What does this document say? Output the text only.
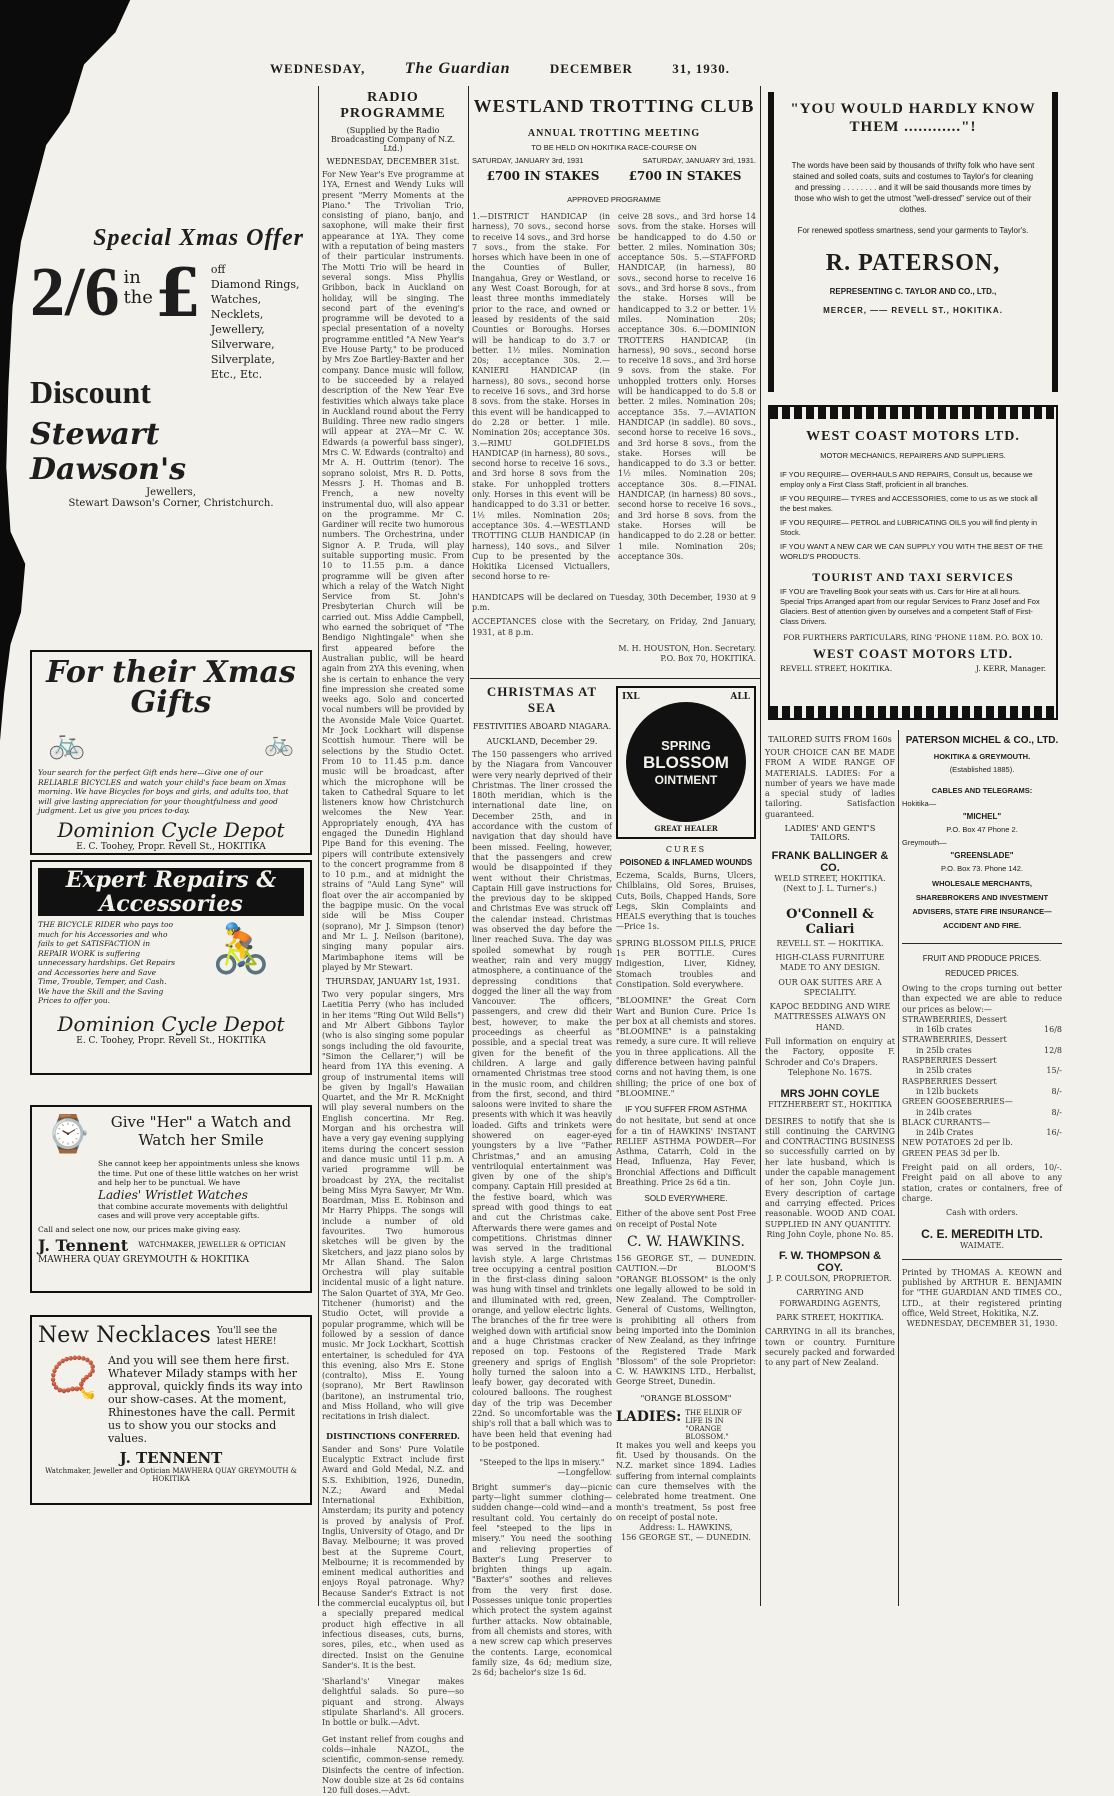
WEDNESDAY, The Guardian	DECEMBER	31, 1930.
Special Xmas Offer
2/6 in
the £ off
Diamond Rings, Watches, Necklets, Jewellery, Silverware, Silverplate, Etc., Etc.
Discount
Stewart Dawson's
Jewellers,
Stewart Dawson's Corner, Christchurch.
For their Xmas Gifts
🚲	🚲
Your search for the perfect Gift ends here—Give one of our RELIABLE BICYCLES and watch your child's face beam on Xmas morning. We have Bicycles for boys and girls, and adults too, that will give lasting appreciation for your thoughtfulness and good judgment. Let us give you prices to-day.
Dominion Cycle Depot
E. C. Toohey, Propr. Revell St., HOKITIKA
Expert Repairs & Accessories
THE BICYCLE RIDER who pays too much for his Accessories and who fails to get SATISFACTION in REPAIR WORK is suffering unnecessary hardships. Get Repairs and Accessories here and Save Time, Trouble, Temper, and Cash. We have the Skill and the Saving Prices to offer you.
🚴
Dominion Cycle Depot
E. C. Toohey, Propr. Revell St., HOKITIKA
⌚	Give "Her" a Watch and Watch her Smile
She cannot keep her appointments unless she knows the time. Put one of these little watches on her wrist and help her to be punctual. We have
Ladies' Wristlet Watches
that combine accurate movements with delightful cases and will prove very acceptable gifts.
Call and select one now, our prices make giving easy.
J. Tennent WATCHMAKER, JEWELLER & OPTICIAN
MAWHERA QUAY GREYMOUTH & HOKITIKA
New Necklaces You'll see the latest HERE!
📿 And you will see them here first. Whatever Milady stamps with her approval, quickly finds its way into our show-cases. At the moment, Rhinestones have the call. Permit us to show you our stocks and values.
J. TENNENT
Watchmaker, Jeweller and Optician MAWHERA QUAY GREYMOUTH & HOKITIKA
RADIO PROGRAMME
(Supplied by the Radio Broadcasting Company of N.Z. Ltd.)
WEDNESDAY, DECEMBER 31st.
For New Year's Eve programme at 1YA, Ernest and Wendy Luks will present "Merry Moments at the Piano." The Trivolian Trio, consisting of piano, banjo, and saxophone, will make their first appearance at 1YA. They come with a reputation of being masters of their particular instruments. The Motti Trio will be heard in several songs. Miss Phyllis Gribbon, back in Auckland on holiday, will be singing. The second part of the evening's programme will be devoted to a special presentation of a novelty programme entitled "A New Year's Eve House Party," to be produced by Mrs Zoe Bartley-Baxter and her company. Dance music will follow, to be succeeded by a relayed description of the New Year Eve festivities which always take place in Auckland round about the Ferry Building. Three new radio singers will appear at 2YA—Mr C. W. Edwards (a powerful bass singer), Mrs C. W. Edwards (contralto) and Mr A. H. Outtrim (tenor). The soprano soloist, Mrs R. D. Potts, Messrs J. H. Thomas and B. French, a new novelty instrumental duo, will also appear on the programme. Mr C. Gardiner will recite two humorous numbers. The Orchestrina, under Signor A. P. Truda, will play suitable supporting music. From 10 to 11.55 p.m. a dance programme will be given after which a relay of the Watch Night Service from St. John's Presbyterian Church will be carried out. Miss Addie Campbell, who earned the sobriquet of "The Bendigo Nightingale" when she first appeared before the Australian public, will be heard again from 2YA this evening, when she is certain to enhance the very fine impression she created some weeks ago. Solo and concerted vocal numbers will be provided by the Avonside Male Voice Quartet. Mr Jock Lockhart will dispense Scottish humour. There will be selections by the Studio Octet. From 10 to 11.45 p.m. dance music will be broadcast, after which the microphone will be taken to Cathedral Square to let listeners know how Christchurch welcomes the New Year. Appropriately enough, 4YA has engaged the Dunedin Highland Pipe Band for this evening. The pipers will contribute extensively to the concert programme from 8 to 10 p.m., and at midnight the strains of "Auld Lang Syne" will float over the air accompanied by the bagpipe music. On the vocal side will be Miss Couper (soprano), Mr J. Simpson (tenor) and Mr L. J. Neilson (baritone), singing many popular airs. Marimbaphone items will be played by Mr Stewart.
THURSDAY, JANUARY 1st, 1931.
Two very popular singers, Mrs Laetitia Perry (who has included in her items "Ring Out Wild Bells") and Mr Albert Gibbons Taylor (who is also singing some popular songs including the old favourite, "Simon the Cellarer,") will be heard from 1YA this evening. A group of instrumental items will be given by Ingall's Hawaiian Quartet, and the Mr R. McKnight will play several numbers on the English concertina. Mr Reg. Morgan and his orchestra will have a very gay evening supplying items during the concert session and dance music until 11 p.m. A varied programme will be broadcast by 2YA, the recitalist being Miss Myra Sawyer, Mr Wm. Boardman, Miss E. Robinson and Mr Harry Phipps. The songs will include a number of old favourites. Two humorous sketches will be given by the Sketchers, and jazz piano solos by Mr Allan Shand. The Salon Orchestra will play suitable incidental music of a light nature. The Salon Quartet of 3YA, Mr Geo. Titchener (humorist) and the Studio Octet, will provide a popular programme, which will be followed by a session of dance music. Mr Jock Lockhart, Scottish entertainer, is scheduled for 4YA this evening, also Mrs E. Stone (contralto), Miss E. Young (soprano), Mr Bert Rawlinson (baritone), an instrumental trio, and Miss Holland, who will give recitations in Irish dialect.
DISTINCTIONS CONFERRED.
Sander and Sons' Pure Volatile Eucalyptic Extract include first Award and Gold Medal, N.Z. and S.S. Exhibition, 1926, Dunedin, N.Z.; Award and Medal International Exhibition, Amsterdam; its purity and potency is proved by analysis of Prof. Inglis, University of Otago, and Dr Bavay. Melbourne; it was proved best at the Supreme Court, Melbourne; it is recommended by eminent medical authorities and enjoys Royal patronage. Why? Because Sander's Extract is not the commercial eucalyptus oil, but a specially prepared medical product high effective in all infectious diseases, cuts, burns, sores, piles, etc., when used as directed. Insist on the Genuine Sander's. It is the best.
'Sharland's' Vinegar makes delightful salads. So pure—so piquant and strong. Always stipulate Sharland's. All grocers. In bottle or bulk.—Advt.
Get instant relief from coughs and colds—inhale NAZOL, the scientific, common-sense remedy. Disinfects the centre of infection. Now double size at 2s 6d contains 120 full doses.—Advt.
WESTLAND TROTTING CLUB
ANNUAL TROTTING MEETING
TO BE HELD ON HOKITIKA RACE-COURSE ON
SATURDAY, JANUARY 3rd, 1931	SATURDAY, JANUARY 3rd, 1931.
£700 IN STAKES £700 IN STAKES
APPROVED PROGRAMME
1.—DISTRICT HANDICAP (in harness), 70 sovs., second horse to receive 14 sovs., and 3rd horse 7 sovs., from the stake. For horses which have been in one of the Counties of Buller, Inangahua, Grey or Westland, or any West Coast Borough, for at least three months immediately prior to the race, and owned or leased by residents of the said Counties or Boroughs. Horses will be handicap to do 3.7 or better. 1½ miles. Nomination 20s; acceptance 30s. 2.—KANIERI HANDICAP (in harness), 80 sovs., second horse to receive 16 sovs., and 3rd horse 8 sovs. from the stake. Horses in this event will be handicapped to do 2.28 or better. 1 mile. Nomination 20s; acceptance 30s. 3.—RIMU GOLDFIELDS HANDICAP (in harness), 80 sovs., second horse to receive 16 sovs., and 3rd horse 8 sovs from the stake. For unhoppled trotters only. Horses in this event will be handicapped to do 3.31 or better. 1½ miles. Nomination 20s; acceptance 30s. 4.—WESTLAND TROTTING CLUB HANDICAP (in harness), 140 sovs., and Silver Cup to be presented by the Hokitika Licensed Victuallers, second horse to re-
ceive 28 sovs., and 3rd horse 14 sovs. from the stake. Horses will be handicapped to do 4.50 or better. 2 miles. Nomination 30s; acceptance 50s. 5.—STAFFORD HANDICAP, (in harness), 80 sovs., second horse to receive 16 sovs., and 3rd horse 8 sovs., from the stake. Horses will be handicapped to 3.2 or better. 1½ miles. Nomination 20s; acceptance 30s. 6.—DOMINION TROTTERS HANDICAP, (in harness), 90 sovs., second horse to receive 18 sovs., and 3rd horse 9 sovs. from the stake. For unhoppled trotters only. Horses will be handicapped to do 5.8 or better. 2 miles. Nomination 20s; acceptance 35s. 7.—AVIATION HANDICAP (in saddle). 80 sovs., second horse to receive 16 sovs., and 3rd horse 8 sovs., from the stake. Horses will be handicapped to do 3.3 or better. 1½ miles. Nomination 20s; acceptance 30s. 8.—FINAL HANDICAP, (in harness) 80 sovs., second horse to receive 16 sovs., and 3rd horse 8 sovs. from the stake. Horses will be handicapped to do 2.28 or better. 1 mile. Nomination 20s; acceptance 30s.
HANDICAPS will be declared on Tuesday, 30th December, 1930 at 9 p.m.
ACCEPTANCES close with the Secretary, on Friday, 2nd January, 1931, at 8 p.m.
M. H. HOUSTON, Hon. Secretary.
P.O. Box 70, HOKITIKA.
CHRISTMAS AT SEA
FESTIVITIES ABOARD NIAGARA.
AUCKLAND, December 29.
The 150 passengers who arrived by the Niagara from Vancouver were very nearly deprived of their Christmas. The liner crossed the 180th meridian, which is the international date line, on December 25th, and in accordance with the custom of navigation that day should have been missed. Feeling, however, that the passengers and crew would be disappointed if they went without their Christmas, Captain Hill gave instructions for the previous day to be skipped and Christmas Eve was struck off the calendar instead. Christmas was observed the day before the liner reached Suva. The day was spoiled somewhat by rough weather, rain and very muggy atmosphere, a continuance of the depressing conditions that dogged the liner all the way from Vancouver. The officers, passengers, and crew did their best, however, to make the proceedings as cheerful as possible, and a special treat was given for the benefit of the children. A large and gaily ornamented Christmas tree stood in the music room, and children from the first, second, and third saloons were invited to share the presents with which it was heavily loaded. Gifts and trinkets were showered on eager-eyed youngsters by a live "Father Christmas," and an amusing ventriloquial entertainment was given by one of the ship's company. Captain Hill presided at the festive board, which was spread with good things to eat and cut the Christmas cake. Afterwards there were games and competitions. Christmas dinner was served in the traditional lavish style. A large Christmas tree occupying a central position in the first-class dining saloon was hung with tinsel and trinklets and illuminated with red, green, orange, and yellow electric lights. The branches of the fir tree were weighed down with artificial snow and a huge Christmas cracker reposed on top. Festoons of greenery and sprigs of English holly turned the saloon into a leafy bower, gay decorated with coloured balloons. The roughest day of the trip was December 22nd. So uncomfortable was the ship's roll that a ball which was to have been held that evening had to be postponed.
"Steeped to the lips in misery."
—Longfellow.
Bright summer's day—picnic party—light summer clothing—sudden change—cold wind—and a resultant cold. You certainly do feel "steeped to the lips in misery." You need the soothing and relieving properties of Baxter's Lung Preserver to brighten things up again. "Baxter's" soothes and relieves from the very first dose. Possesses unique tonic properties which protect the system against further attacks. Now obtainable, from all chemists and stores, with a new screw cap which preserves the contents. Large, economical family size, 4s 6d; medium size, 2s 6d; bachelor's size 1s 6d.
IXL	ALL
SPRING
BLOSSOM
OINTMENT
GREAT HEALER
CURES
POISONED & INFLAMED WOUNDS
Eczema, Scalds, Burns, Ulcers, Chilblains, Old Sores, Bruises, Cuts, Boils, Chapped Hands, Sore Legs, Skin Complaints and HEALS everything that is touches—Price 1s.
SPRING BLOSSOM PILLS, PRICE 1s PER BOTTLE. Cures Indigestion, Liver, Kidney, Stomach troubles and Constipation. Sold everywhere.
"BLOOMINE" the Great Corn Wart and Bunion Cure. Price 1s per box at all chemists and stores. "BLOOMINE" is a painstaking remedy, a sure cure. It will relieve you in three applications. All the difference between having painful corns and not having them, is one shilling; the price of one box of "BLOOMINE."
IF YOU SUFFER FROM ASTHMA
do not hesitate, but send at once for a tin of HAWKINS' INSTANT RELIEF ASTHMA POWDER—For Asthma, Catarrh, Cold in the Head, Influenza, Hay Fever, Bronchial Affections and Difficult Breathing. Price 2s 6d a tin.
SOLD EVERYWHERE.
Either of the above sent Post Free on receipt of Postal Note
C. W. HAWKINS.
156 GEORGE ST., — DUNEDIN. CAUTION.—Dr BLOOM'S "ORANGE BLOSSOM" is the only one legally allowed to be sold in New Zealand. The Comptroller-General of Customs, Wellington, is prohibiting all others from being imported into the Dominion of New Zealand, as they infringe the Registered Trade Mark "Blossom" of the sole Proprietor: C. W. HAWKINS LTD., Herbalist, George Street, Dunedin.
"ORANGE BLOSSOM"
LADIES: THE ELIXIR OF LIFE IS IN "ORANGE BLOSSOM."
It makes you well and keeps you fit. Used by thousands. On the N.Z. market since 1894. Ladies suffering from internal complaints can cure themselves with the celebrated home treatment. One month's treatment, 5s post free on receipt of postal note.
Address: L. HAWKINS,
156 GEORGE ST., — DUNEDIN.
"YOU WOULD HARDLY KNOW THEM ............"!
The words have been said by thousands of thrifty folk who have sent stained and soiled coats, suits and costumes to Taylor's for cleaning and pressing . . . . . . . . and it will be said thousands more times by those who wish to get the utmost "well-dressed" service out of their clothes.
For renewed spotless smartness, send your garments to Taylor's.
R. PATERSON,
REPRESENTING C. TAYLOR AND CO., LTD.,
MERCER, —— REVELL ST., HOKITIKA.
WEST COAST MOTORS LTD.
MOTOR MECHANICS, REPAIRERS AND SUPPLIERS.
IF YOU REQUIRE— OVERHAULS AND REPAIRS, Consult us, because we employ only a First Class Staff, proficient in all branches.
IF YOU REQUIRE— TYRES and ACCESSORIES, come to us as we stock all the best makes.
IF YOU REQUIRE— PETROL and LUBRICATING OILS you will find plenty in Stock.
IF YOU WANT A NEW CAR WE CAN SUPPLY YOU WITH THE BEST OF THE WORLD'S PRODUCTS.
TOURIST AND TAXI SERVICES
IF YOU are Travelling Book your seats with us. Cars for Hire at all hours. Special Trips Arranged apart from our regular Services to Franz Josef and Fox Glaciers. Best of attention given by ourselves and a competent Staff of First-Class Drivers.
FOR FURTHERS PARTICULARS, RING 'PHONE 118M. P.O. BOX 10.
WEST COAST MOTORS LTD.
REVELL STREET, HOKITIKA.	J. KERR, Manager.
TAILORED SUITS FROM 160s
YOUR CHOICE CAN BE MADE FROM A WIDE RANGE OF MATERIALS. LADIES: For a number of years we have made a special study of ladies tailoring. Satisfaction guaranteed.
LADIES' AND GENT'S TAILORS.
FRANK BALLINGER & CO.
WELD STREET, HOKITIKA. (Next to J. L. Turner's.)
O'Connell & Caliari
REVELL ST. — HOKITIKA.
HIGH-CLASS FURNITURE MADE TO ANY DESIGN.
OUR OAK SUITES ARE A SPECIALITY.
KAPOC BEDDING AND WIRE MATTRESSES ALWAYS ON HAND.
Full information on enquiry at the Factory, opposite F. Schroder and Co's Drapers.
Telephone No. 167S.
MRS JOHN COYLE
FITZHERBERT ST., HOKITIKA
DESIRES to notify that she is still continuing the CARVING and CONTRACTING BUSINESS so successfully carried on by her late husband, which is under the capable management of her son, John Coyle jun. Every description of cartage and carrying effected. Prices reasonable. WOOD AND COAL SUPPLIED IN ANY QUANTITY.
Ring John Coyle, phone No. 85.
F. W. THOMPSON & COY.
J. P. COULSON, PROPRIETOR.
CARRYING AND FORWARDING AGENTS,
PARK STREET, HOKITIKA.
CARRYING in all its branches, town or country. Furniture securely packed and forwarded to any part of New Zealand.
PATERSON MICHEL & CO., LTD.
HOKITIKA & GREYMOUTH.
(Established 1885).
CABLES AND TELEGRAMS:
Hokitika—
"MICHEL"
P.O. Box 47 Phone 2.
Greymouth—
"GREENSLADE"
P.O. Box 73. Phone 142.
WHOLESALE MERCHANTS, SHAREBROKERS AND INVESTMENT ADVISERS, STATE FIRE INSURANCE—ACCIDENT AND FIRE.
FRUIT AND PRODUCE PRICES.
REDUCED PRICES.
Owing to the crops turning out better than expected we are able to reduce our prices as below:—
STRAWBERRIES, Dessert
in 16lb crates	16/8
STRAWBERRIES, Dessert
in 25lb crates	12/8
RASPBERRIES Dessert
in 25lb crates	15/-
RASPBERRIES Dessert
in 12lb buckets	8/-
GREEN GOOSEBERRIES—
in 24lb crates	8/-
BLACK CURRANTS—
in 24lb Crates	16/-
NEW POTATOES 2d per lb.
GREEN PEAS 3d per lb.
Freight paid on all orders, 10/-. Freight paid on all above to any station, crates or containers, free of charge.
Cash with orders.
C. E. MEREDITH LTD.
WAIMATE.
Printed by THOMAS A. KEOWN and published by ARTHUR E. BENJAMIN for "THE GUARDIAN AND TIMES CO., LTD., at their registered printing office, Weld Street, Hokitika, N.Z.
WEDNESDAY, DECEMBER 31, 1930.
